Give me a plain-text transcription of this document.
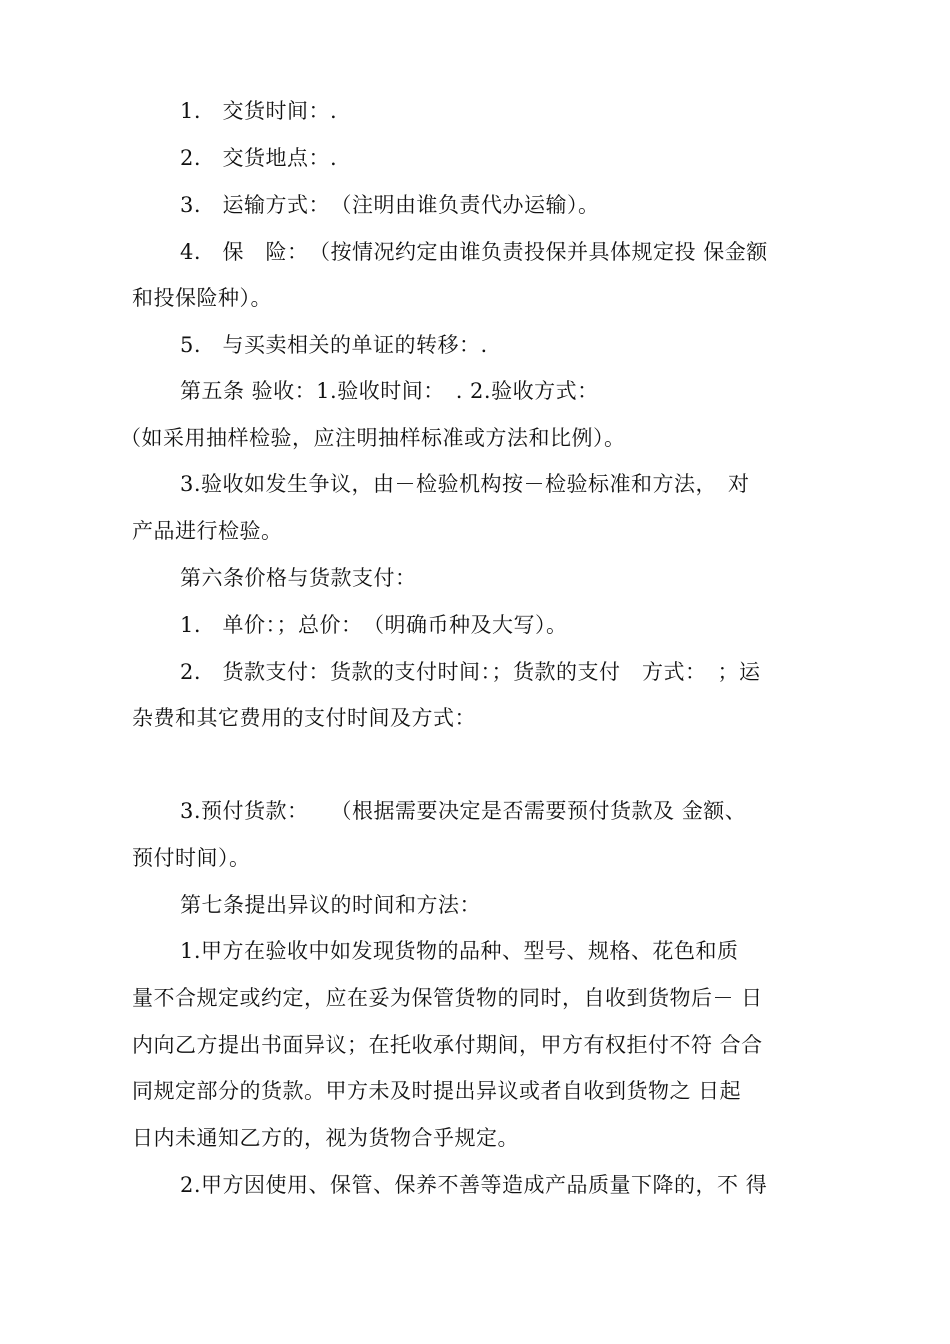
1.　交货时间：.
2.　交货地点：.
3.　运输方式：　（注明由谁负责代办运输）。
4.　保　险：　（按情况约定由谁负责投保并具体规定投 保金额
和投保险种）。
5.　与买卖相关的单证的转移：.
第五条 验收：1.验收时间：　. 2.验收方式：
（如采用抽样检验，应注明抽样标准或方法和比例）。
3.验收如发生争议，由－检验机构按－检验标准和方法，　对
产品进行检验。
第六条价格与货款支付：
1.　单价：；总价：　（明确币种及大写）。
2.　货款支付：货款的支付时间：；货款的支付　方式：　；运
杂费和其它费用的支付时间及方式：
3.预付货款：　　（根据需要决定是否需要预付货款及 金额、
预付时间）。
第七条提出异议的时间和方法：
1.甲方在验收中如发现货物的品种、型号、规格、花色和质
量不合规定或约定，应在妥为保管货物的同时，自收到货物后－ 日
内向乙方提出书面异议；在托收承付期间，甲方有权拒付不符 合合
同规定部分的货款。甲方未及时提出异议或者自收到货物之 日起
日内未通知乙方的，视为货物合乎规定。
2.甲方因使用、保管、保养不善等造成产品质量下降的，不 得
